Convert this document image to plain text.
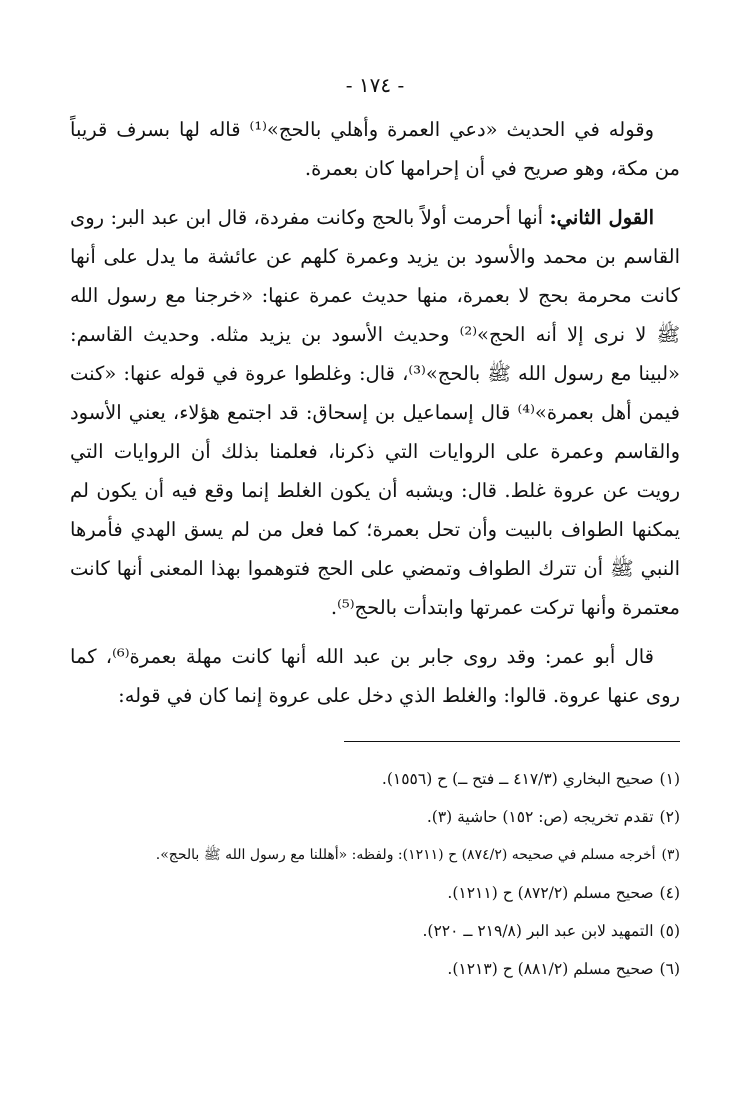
- ١٧٤ -

وقوله في الحديث «دعي العمرة وأهلي بالحج»⁽¹⁾ قاله لها بسرف قريباً من مكة، وهو صريح في أن إحرامها كان بعمرة.

القول الثاني: أنها أحرمت أولاً بالحج وكانت مفردة، قال ابن عبد البر: روى القاسم بن محمد والأسود بن يزيد وعمرة كلهم عن عائشة ما يدل على أنها كانت محرمة بحج لا بعمرة، منها حديث عمرة عنها: «خرجنا مع رسول الله ﷺ لا نرى إلا أنه الحج»⁽²⁾ وحديث الأسود بن يزيد مثله. وحديث القاسم: «لبينا مع رسول الله ﷺ بالحج»⁽³⁾، قال: وغلطوا عروة في قوله عنها: «كنت فيمن أهل بعمرة»⁽⁴⁾ قال إسماعيل بن إسحاق: قد اجتمع هؤلاء، يعني الأسود والقاسم وعمرة على الروايات التي ذكرنا، فعلمنا بذلك أن الروايات التي رويت عن عروة غلط. قال: ويشبه أن يكون الغلط إنما وقع فيه أن يكون لم يمكنها الطواف بالبيت وأن تحل بعمرة؛ كما فعل من لم يسق الهدي فأمرها النبي ﷺ أن تترك الطواف وتمضي على الحج فتوهموا بهذا المعنى أنها كانت معتمرة وأنها تركت عمرتها وابتدأت بالحج⁽⁵⁾.

قال أبو عمر: وقد روى جابر بن عبد الله أنها كانت مهلة بعمرة⁽⁶⁾، كما روى عنها عروة. قالوا: والغلط الذي دخل على عروة إنما كان في قوله:

(١)صحيح البخاري (٤١٧/٣ ــ فتح ــ) ح (١٥٥٦).
(٢)تقدم تخريجه (ص: ١٥٢) حاشية (٣).
(٣)أخرجه مسلم في صحيحه (٨٧٤/٢) ح (١٢١١): ولفظه: «أهللنا مع رسول الله ﷺ بالحج».
(٤)صحيح مسلم (٨٧٢/٢) ح (١٢١١).
(٥)التمهيد لابن عبد البر (٢١٩/٨ ــ ٢٢٠).
(٦)صحيح مسلم (٨٨١/٢) ح (١٢١٣).
